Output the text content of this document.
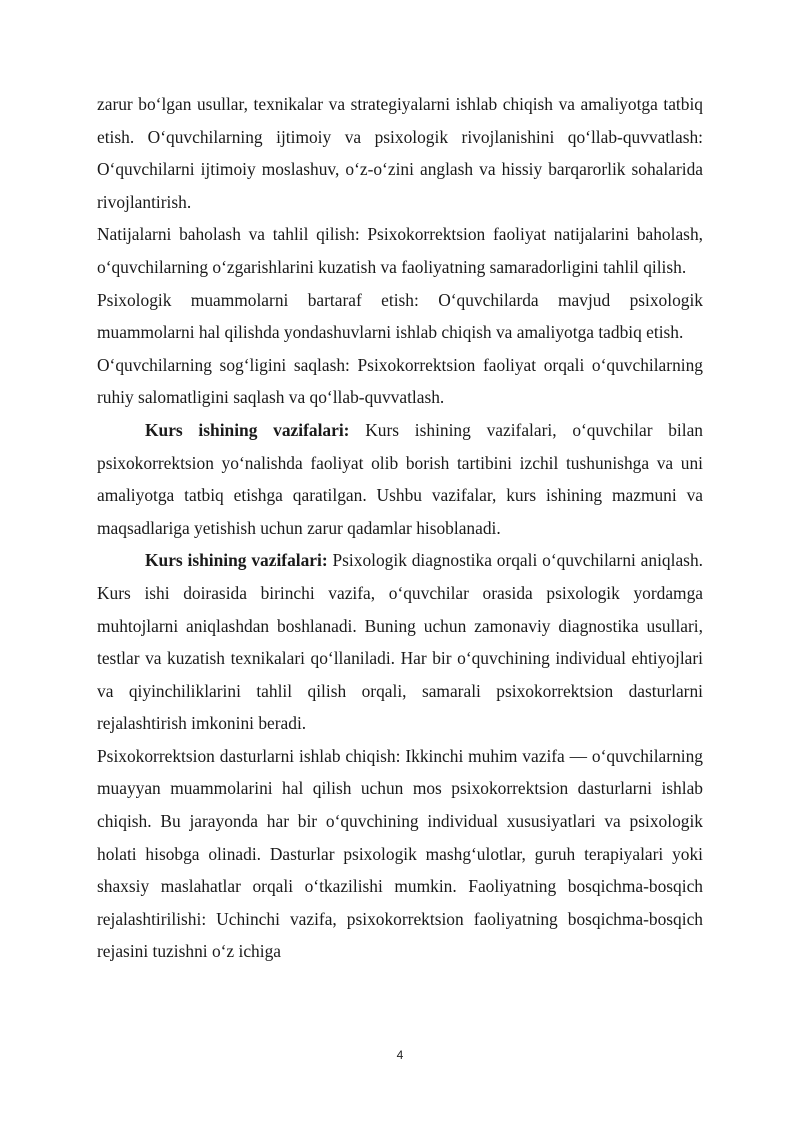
zarur bo‘lgan usullar, texnikalar va strategiyalarni ishlab chiqish va amaliyotga tatbiq etish. O‘quvchilarning ijtimoiy va psixologik rivojlanishini qo‘llab-quvvatlash: O‘quvchilarni ijtimoiy moslashuv, o‘z-o‘zini anglash va hissiy barqarorlik sohalarida rivojlantirish.

Natijalarni baholash va tahlil qilish: Psixokorrektsion faoliyat natijalarini baholash, o‘quvchilarning o‘zgarishlarini kuzatish va faoliyatning samaradorligini tahlil qilish.

Psixologik muammolarni bartaraf etish: O‘quvchilarda mavjud psixologik muammolarni hal qilishda yondashuvlarni ishlab chiqish va amaliyotga tadbiq etish.

O‘quvchilarning sog‘ligini saqlash: Psixokorrektsion faoliyat orqali o‘quvchilarning ruhiy salomatligini saqlash va qo‘llab-quvvatlash.

Kurs ishining vazifalari: Kurs ishining vazifalari, o‘quvchilar bilan psixokorrektsion yo‘nalishda faoliyat olib borish tartibini izchil tushunishga va uni amaliyotga tatbiq etishga qaratilgan. Ushbu vazifalar, kurs ishining mazmuni va maqsadlariga yetishish uchun zarur qadamlar hisoblanadi.

Kurs ishining vazifalari: Psixologik diagnostika orqali o‘quvchilarni aniqlash. Kurs ishi doirasida birinchi vazifa, o‘quvchilar orasida psixologik yordamga muhtojlarni aniqlashdan boshlanadi. Buning uchun zamonaviy diagnostika usullari, testlar va kuzatish texnikalari qo‘llaniladi. Har bir o‘quvchining individual ehtiyojlari va qiyinchiliklarini tahlil qilish orqali, samarali psixokorrektsion dasturlarni rejalashtirish imkonini beradi.

Psixokorrektsion dasturlarni ishlab chiqish: Ikkinchi muhim vazifa — o‘quvchilarning muayyan muammolarini hal qilish uchun mos psixokorrektsion dasturlarni ishlab chiqish. Bu jarayonda har bir o‘quvchining individual xususiyatlari va psixologik holati hisobga olinadi. Dasturlar psixologik mashg‘ulotlar, guruh terapiyalari yoki shaxsiy maslahatlar orqali o‘tkazilishi mumkin. Faoliyatning bosqichma-bosqich rejalashtirilishi: Uchinchi vazifa, psixokorrektsion faoliyatning bosqichma-bosqich rejasini tuzishni o‘z ichiga

4
